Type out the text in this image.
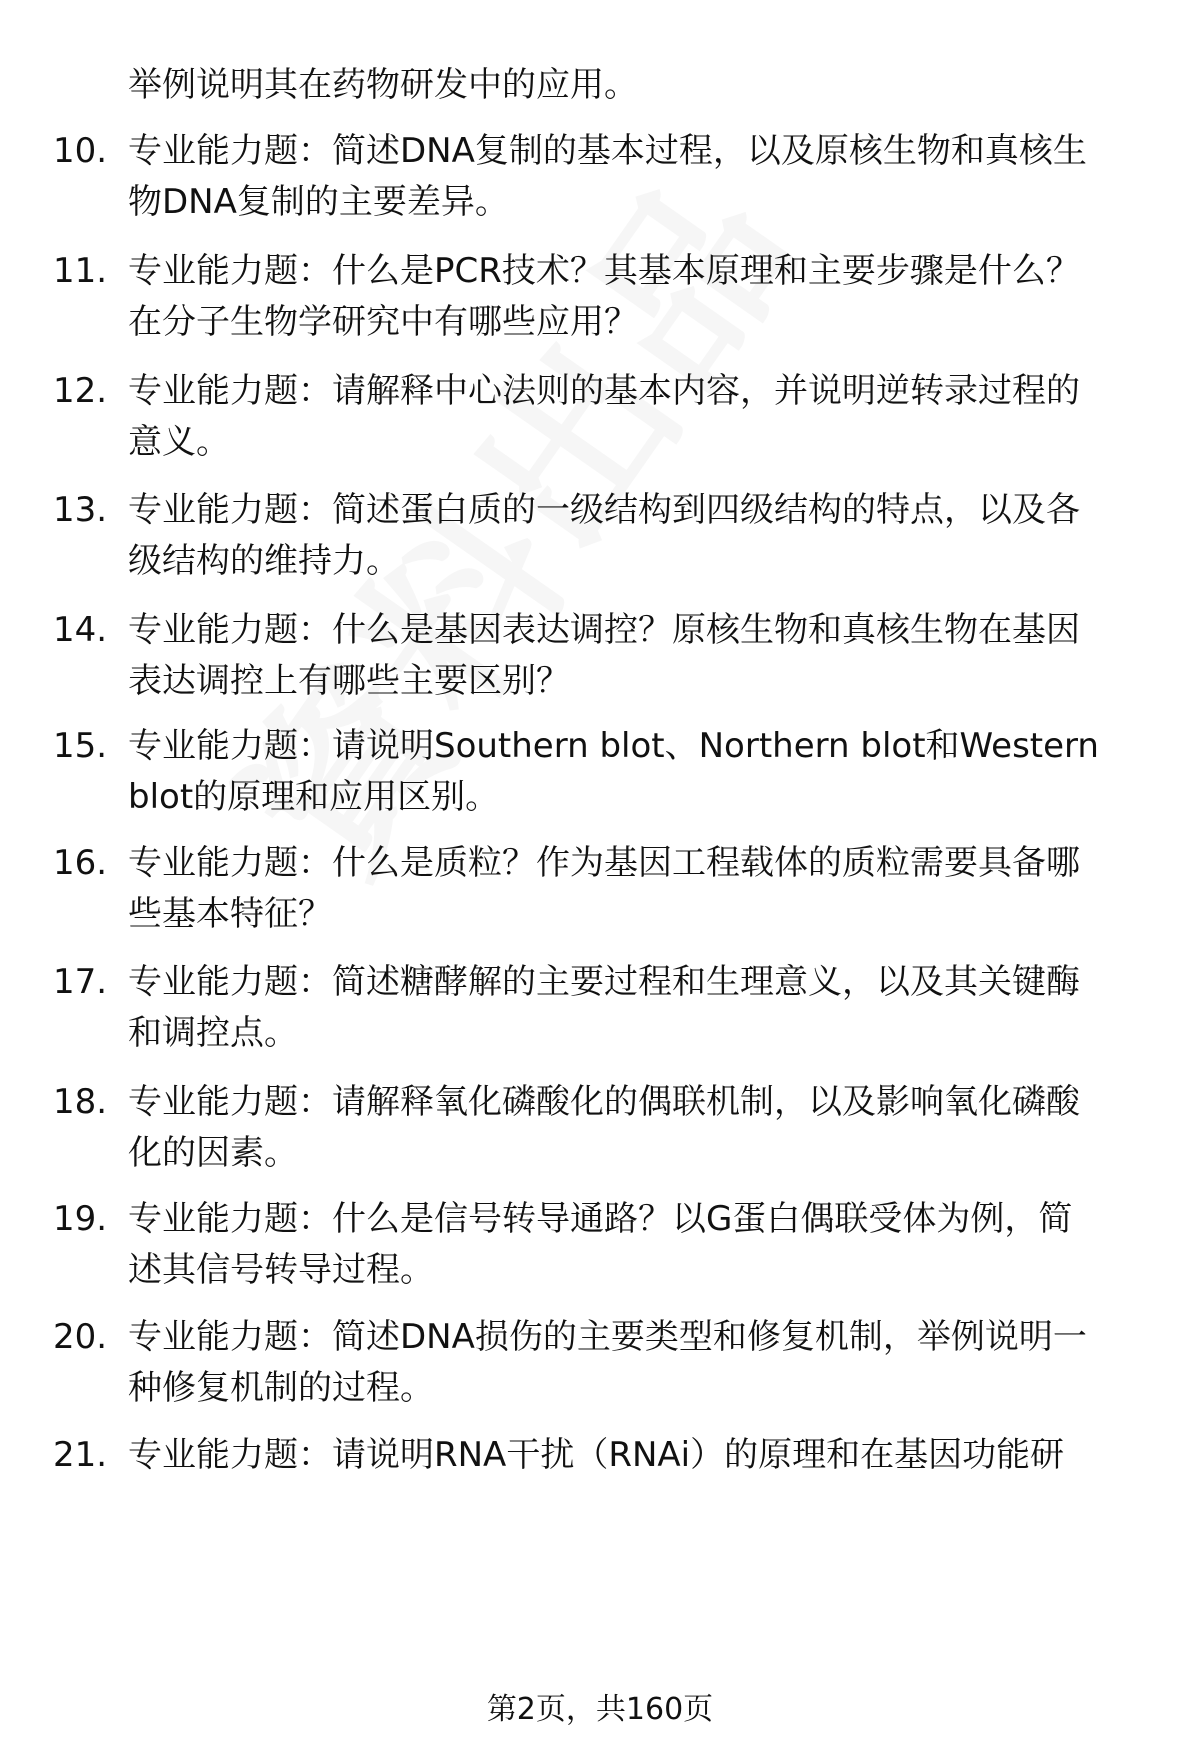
举例说明其在药物研发中的应用。
10. 专业能力题：简述DNA复制的基本过程，以及原核生物和真核生
物DNA复制的主要差异。
11. 专业能力题：什么是PCR技术？其基本原理和主要步骤是什么？
在分子生物学研究中有哪些应用？
12. 专业能力题：请解释中心法则的基本内容，并说明逆转录过程的
意义。
13. 专业能力题：简述蛋白质的一级结构到四级结构的特点，以及各
级结构的维持力。
14. 专业能力题：什么是基因表达调控？原核生物和真核生物在基因
表达调控上有哪些主要区别？
15. 专业能力题：请说明Southern blot、Northern blot和Western
blot的原理和应用区别。
16. 专业能力题：什么是质粒？作为基因工程载体的质粒需要具备哪
些基本特征？
17. 专业能力题：简述糖酵解的主要过程和生理意义，以及其关键酶
和调控点。
18. 专业能力题：请解释氧化磷酸化的偶联机制，以及影响氧化磷酸
化的因素。
19. 专业能力题：什么是信号转导通路？以G蛋白偶联受体为例，简
述其信号转导过程。
20. 专业能力题：简述DNA损伤的主要类型和修复机制，举例说明一
种修复机制的过程。
21. 专业能力题：请说明RNA干扰（RNAi）的原理和在基因功能研
第2页，共160页
